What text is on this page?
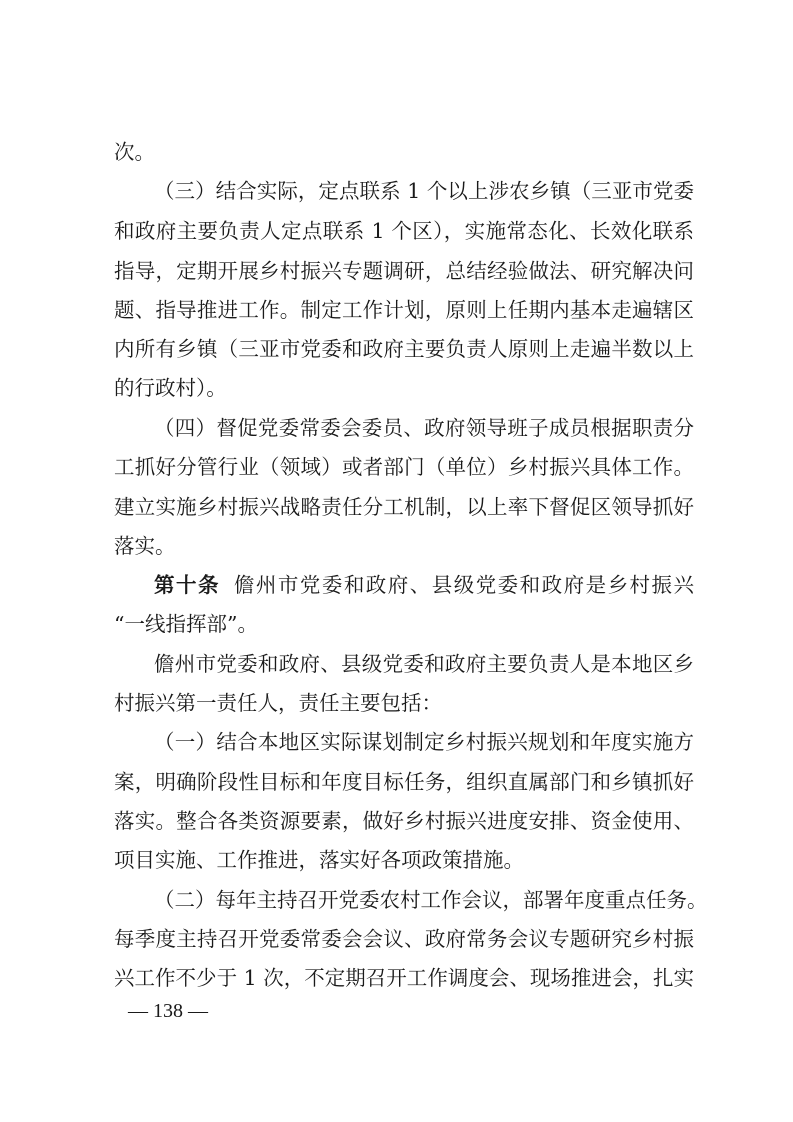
次。
（三）结合实际，定点联系 1 个以上涉农乡镇（三亚市党委
和政府主要负责人定点联系 1 个区），实施常态化、长效化联系
指导，定期开展乡村振兴专题调研，总结经验做法、研究解决问
题、指导推进工作。制定工作计划，原则上任期内基本走遍辖区
内所有乡镇（三亚市党委和政府主要负责人原则上走遍半数以上
的行政村）。
（四）督促党委常委会委员、政府领导班子成员根据职责分
工抓好分管行业（领域）或者部门（单位）乡村振兴具体工作。
建立实施乡村振兴战略责任分工机制，以上率下督促区领导抓好
落实。
第十条 儋州市党委和政府、县级党委和政府是乡村振兴
“一线指挥部”。
儋州市党委和政府、县级党委和政府主要负责人是本地区乡
村振兴第一责任人，责任主要包括：
（一）结合本地区实际谋划制定乡村振兴规划和年度实施方
案，明确阶段性目标和年度目标任务，组织直属部门和乡镇抓好
落实。整合各类资源要素，做好乡村振兴进度安排、资金使用、
项目实施、工作推进，落实好各项政策措施。
（二）每年主持召开党委农村工作会议，部署年度重点任务。
每季度主持召开党委常委会会议、政府常务会议专题研究乡村振
兴工作不少于 1 次，不定期召开工作调度会、现场推进会，扎实
— 138 —
